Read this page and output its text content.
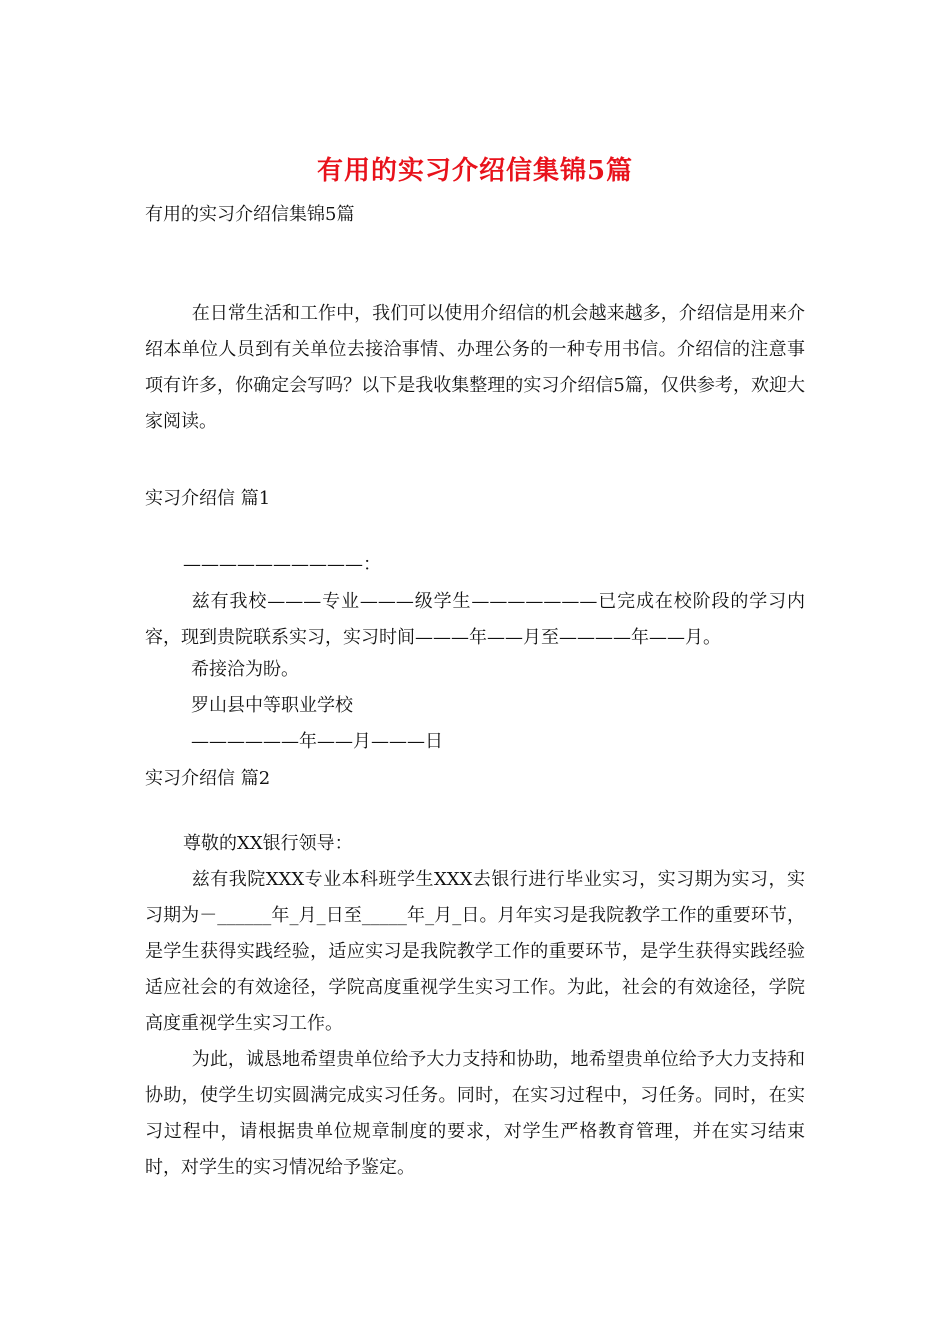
有用的实习介绍信集锦5篇
有用的实习介绍信集锦5篇
在日常生活和工作中，我们可以使用介绍信的机会越来越多，介绍信是用来介绍本单位人员到有关单位去接洽事情、办理公务的一种专用书信。介绍信的注意事项有许多，你确定会写吗？以下是我收集整理的实习介绍信5篇，仅供参考，欢迎大家阅读。
实习介绍信 篇1
——————————：
兹有我校———专业———级学生———————已完成在校阶段的学习内容，现到贵院联系实习，实习时间———年——月至————年——月。
希接洽为盼。
罗山县中等职业学校
——————年——月———日
实习介绍信 篇2
尊敬的XX银行领导：
兹有我院XXX专业本科班学生XXX去银行进行毕业实习，实习期为实习，实习期为－______年_月_日至_____年_月_日。月年实习是我院教学工作的重要环节，是学生获得实践经验，适应实习是我院教学工作的重要环节，是学生获得实践经验适应社会的有效途径，学院高度重视学生实习工作。为此，社会的有效途径，学院高度重视学生实习工作。
为此，诚恳地希望贵单位给予大力支持和协助，地希望贵单位给予大力支持和协助，使学生切实圆满完成实习任务。同时，在实习过程中，习任务。同时，在实习过程中，请根据贵单位规章制度的要求，对学生严格教育管理，并在实习结束时，对学生的实习情况给予鉴定。
